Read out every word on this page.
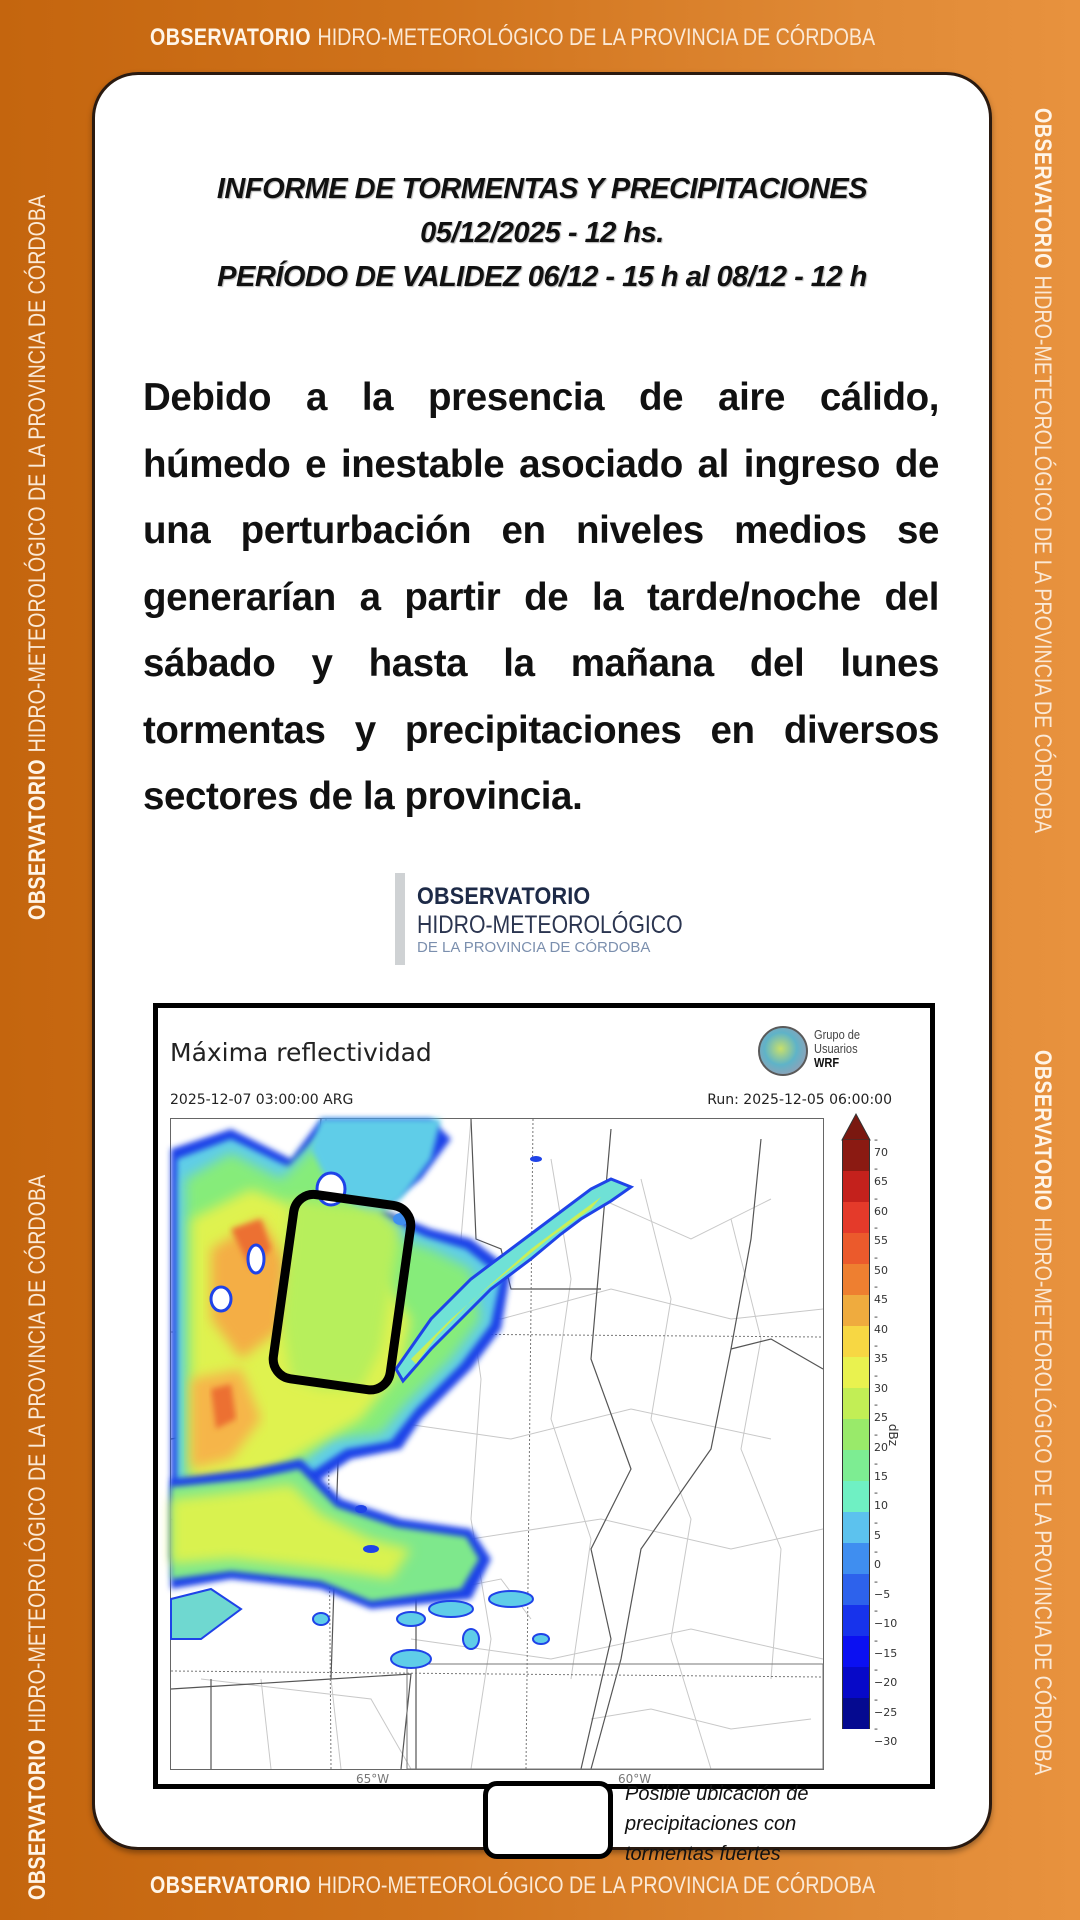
OBSERVATORIO HIDRO-METEOROLÓGICO DE LA PROVINCIA DE CÓRDOBA
OBSERVATORIO HIDRO-METEOROLÓGICO DE LA PROVINCIA DE CÓRDOBA
OBSERVATORIOHIDRO-METEOROLÓGICO DE LA PROVINCIA DE CÓRDOBA
OBSERVATORIOHIDRO-METEOROLÓGICO DE LA PROVINCIA DE CÓRDOBA
OBSERVATORIOHIDRO-METEOROLÓGICO DE LA PROVINCIA DE CÓRDOBA
OBSERVATORIOHIDRO-METEOROLÓGICO DE LA PROVINCIA DE CÓRDOBA
INFORME DE TORMENTAS Y PRECIPITACIONES
05/12/2025 - 12 hs.
PERÍODO DE VALIDEZ 06/12 - 15 h al 08/12 - 12 h
Debido a la presencia de aire cálido, húmedo e inestable asociado al ingreso de una perturbación en niveles medios se generarían a partir de la tarde/noche del sábado y hasta la mañana del lunes tormentas y precipitaciones en diversos sectores de la provincia.
OBSERVATORIO
HIDRO-METEOROLÓGICO
DE LA PROVINCIA DE CÓRDOBA
Máxima reflectividad
Grupo de
Usuarios
WRF
2025-12-07 03:00:00 ARG	Run: 2025-12-05 06:00:00
Posible ubicación de precipitaciones con tormentas fuertes
- 70
- 65
- 60
- 55
- 50
- 45
- 40
- 35
- 30
- 25
- 20
- 15
- 10
- 5
- 0
- −5
- −10
- −15
- −20
- −25
- −30
dBz
65°W	60°W
